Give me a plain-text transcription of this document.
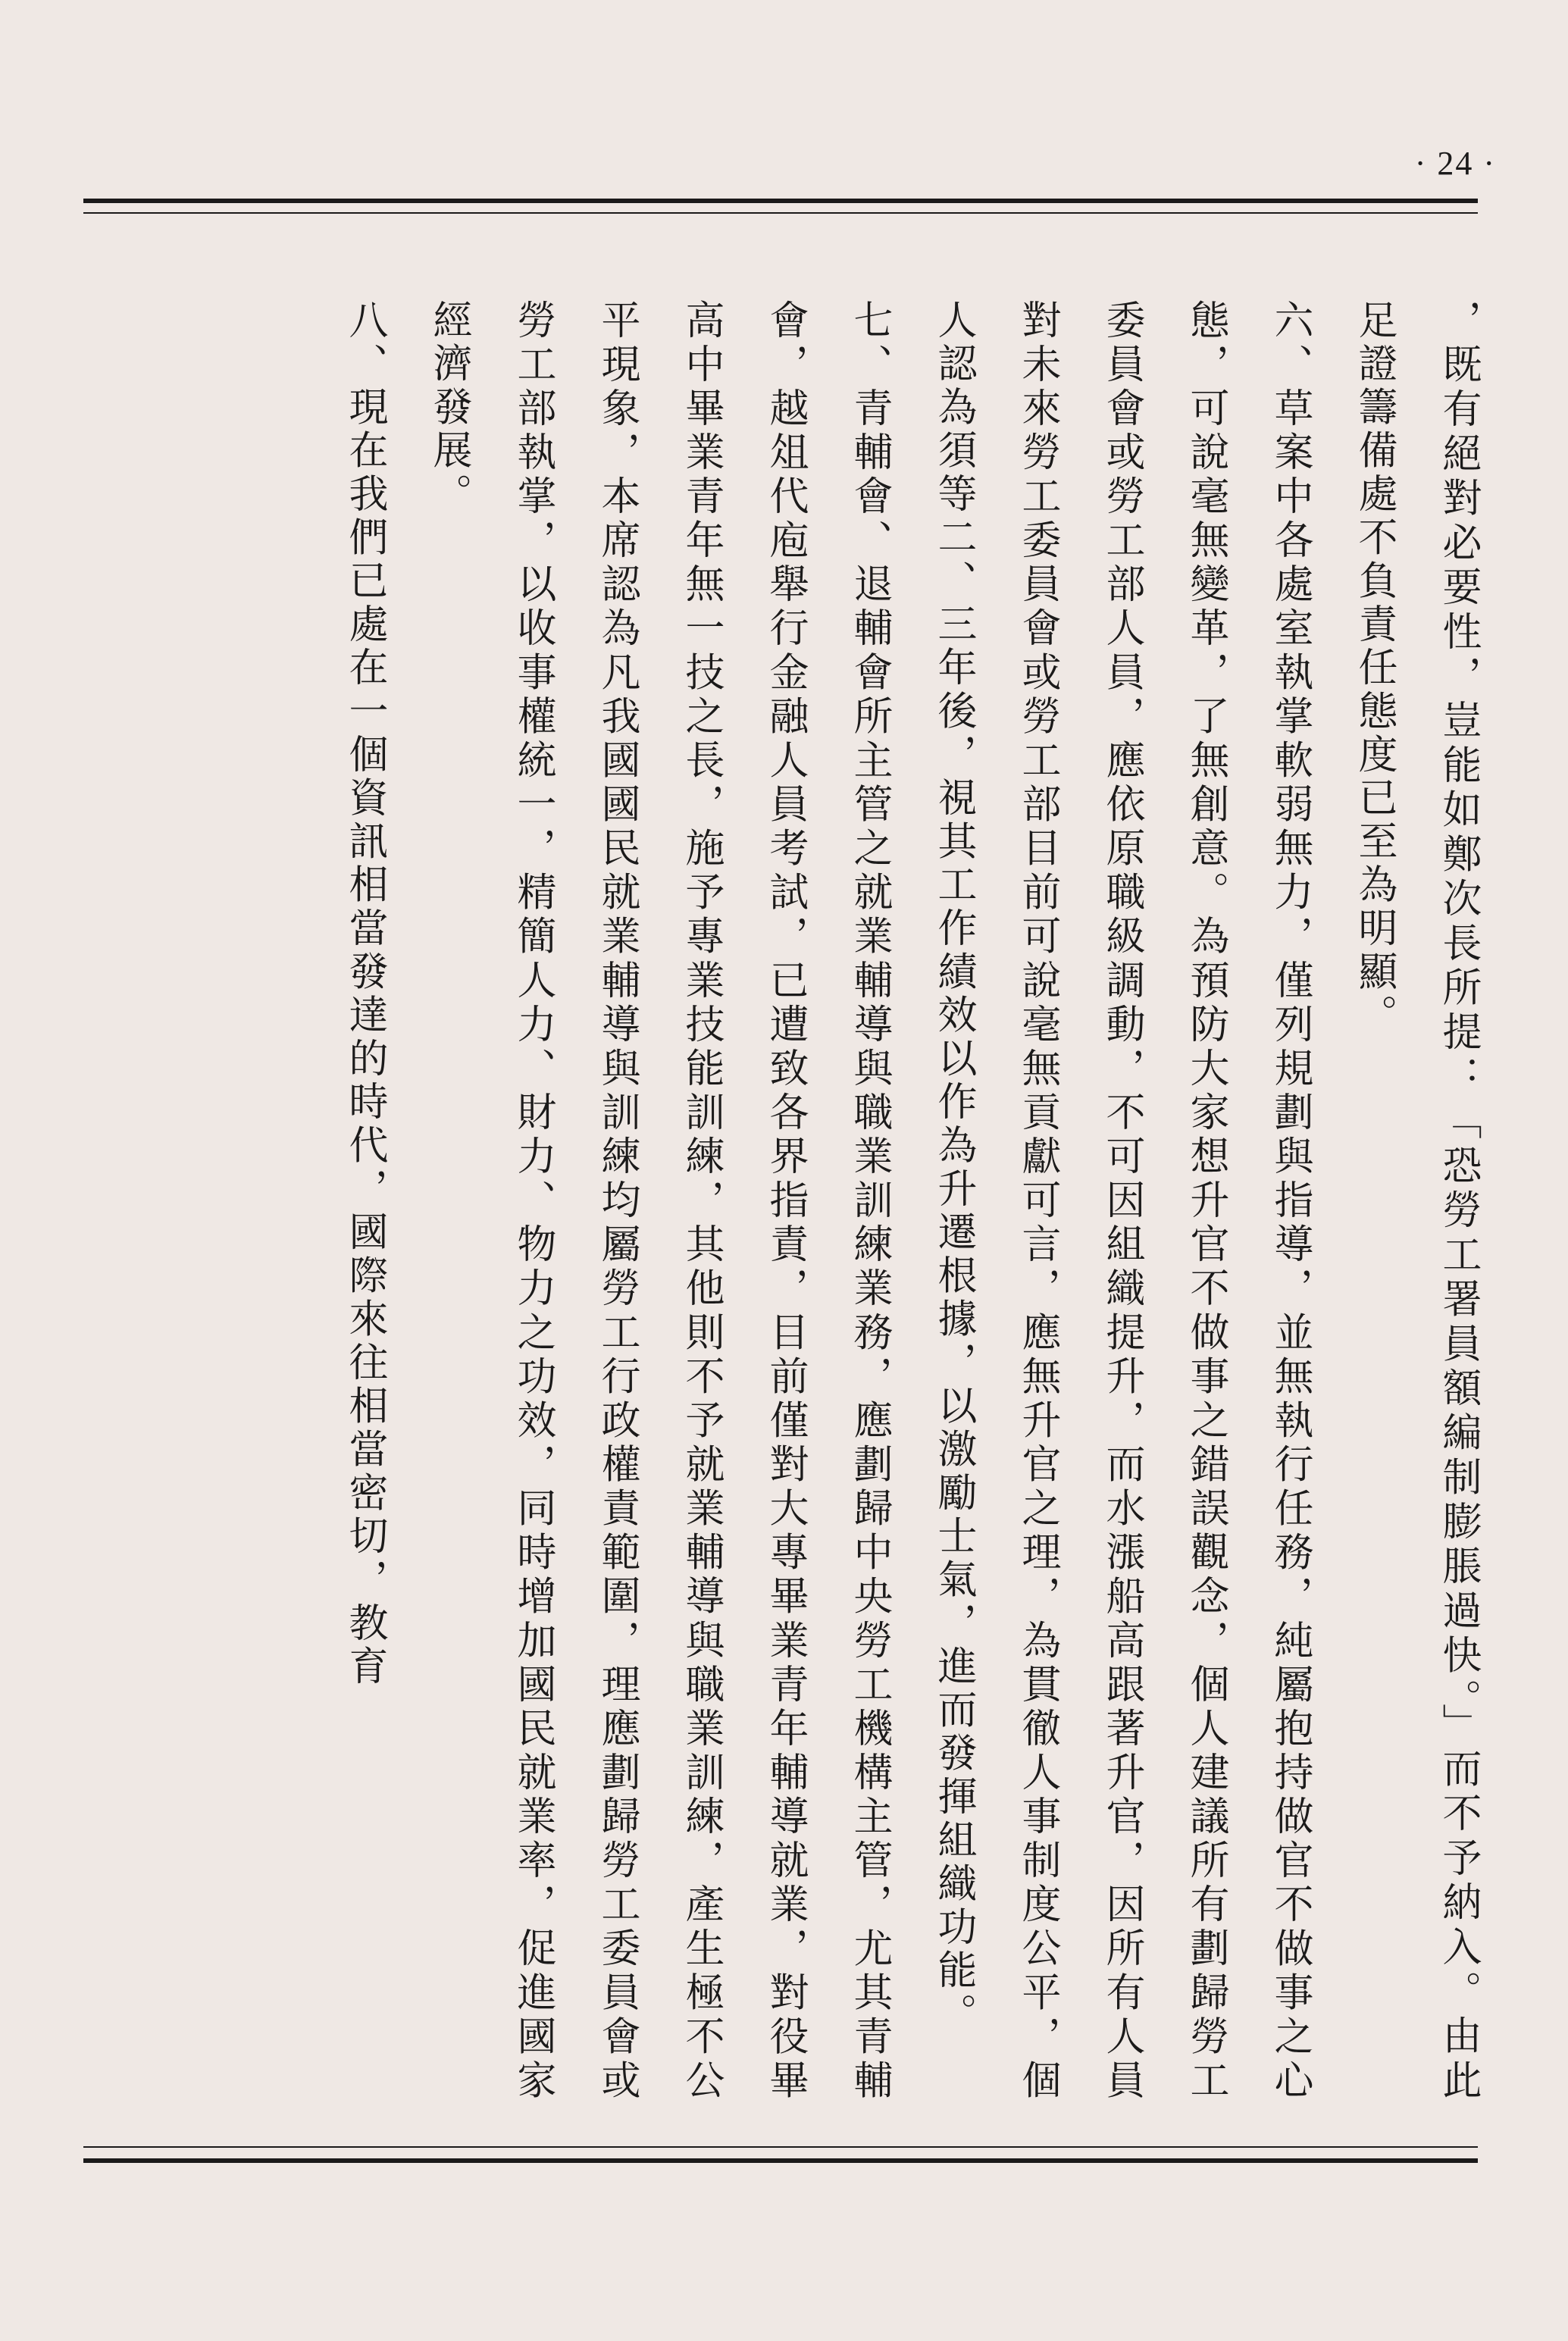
· 24 ·

，既有絕對必要性，豈能如鄭次長所提：「恐勞工署員額編制膨脹過快。」而不予納入。由此足證籌備處不負責任態度已至為明顯。

六、草案中各處室執掌軟弱無力，僅列規劃與指導，並無執行任務，純屬抱持做官不做事之心態，可說毫無變革，了無創意。為預防大家想升官不做事之錯誤觀念，個人建議所有劃歸勞工委員會或勞工部人員，應依原職級調動，不可因組織提升，而水漲船高跟著升官，因所有人員對未來勞工委員會或勞工部目前可說毫無貢獻可言，應無升官之理，為貫徹人事制度公平，個人認為須等二、三年後，視其工作績效以作為升遷根據，以激勵士氣，進而發揮組織功能。

七、青輔會、退輔會所主管之就業輔導與職業訓練業務，應劃歸中央勞工機構主管，尤其青輔會，越俎代庖舉行金融人員考試，已遭致各界指責，目前僅對大專畢業青年輔導就業，對役畢高中畢業青年無一技之長，施予專業技能訓練，其他則不予就業輔導與職業訓練，產生極不公平現象，本席認為凡我國國民就業輔導與訓練均屬勞工行政權責範圍，理應劃歸勞工委員會或勞工部執掌，以收事權統一，精簡人力、財力、物力之功效，同時增加國民就業率，促進國家經濟發展。

八、現在我們已處在一個資訊相當發達的時代，國際來往相當密切，教育
